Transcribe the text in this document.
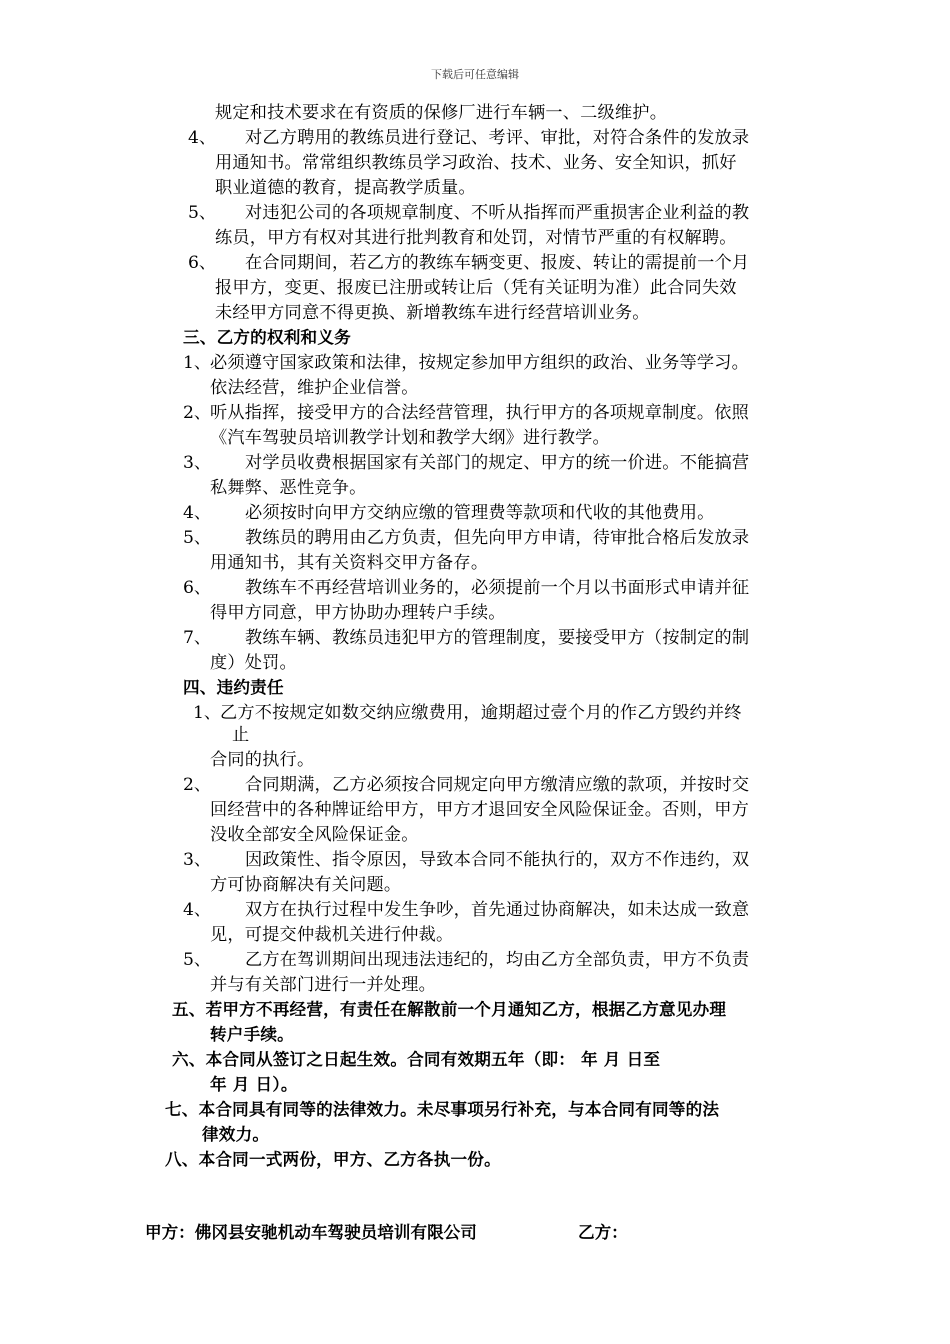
下载后可任意编辑
规定和技术要求在有资质的保修厂进行车辆一、二级维护。
4、 对乙方聘用的教练员进行登记、考评、审批，对符合条件的发放录
用通知书。常常组织教练员学习政治、技术、业务、安全知识，抓好
职业道德的教育，提高教学质量。
5、 对违犯公司的各项规章制度、不听从指挥而严重损害企业利益的教
练员，甲方有权对其进行批判教育和处罚，对情节严重的有权解聘。
6、 在合同期间，若乙方的教练车辆变更、报废、转让的需提前一个月
报甲方，变更、报废已注册或转让后（凭有关证明为准）此合同失效
未经甲方同意不得更换、新增教练车进行经营培训业务。
三、乙方的权利和义务
1、
必须遵守国家政策和法律，按规定参加甲方组织的政治、业务等学习。
依法经营，维护企业信誉。
2、
听从指挥，接受甲方的合法经营管理，执行甲方的各项规章制度。依照
《汽车驾驶员培训教学计划和教学大纲》进行教学。
3、 对学员收费根据国家有关部门的规定、甲方的统一价进。不能搞营
私舞弊、恶性竞争。
4、 必须按时向甲方交纳应缴的管理费等款项和代收的其他费用。
5、 教练员的聘用由乙方负责，但先向甲方申请，待审批合格后发放录
用通知书，其有关资料交甲方备存。
6、 教练车不再经营培训业务的，必须提前一个月以书面形式申请并征
得甲方同意，甲方协助办理转户手续。
7、 教练车辆、教练员违犯甲方的管理制度，要接受甲方（按制定的制
度）处罚。
四、违约责任
1、
乙方不按规定如数交纳应缴费用，逾期超过壹个月的作乙方毁约并终
止
合同的执行。
2、 合同期满，乙方必须按合同规定向甲方缴清应缴的款项，并按时交
回经营中的各种牌证给甲方，甲方才退回安全风险保证金。否则，甲方
没收全部安全风险保证金。
3、 因政策性、指令原因，导致本合同不能执行的，双方不作违约，双
方可协商解决有关问题。
4、 双方在执行过程中发生争吵，首先通过协商解决，如未达成一致意
见，可提交仲裁机关进行仲裁。
5、 乙方在驾训期间出现违法违纪的，均由乙方全部负责，甲方不负责
并与有关部门进行一并处理。
五、若甲方不再经营，有责任在解散前一个月通知乙方，根据乙方意见办理
转户手续。
六、本合同从签订之日起生效。合同有效期五年（即： 年 月 日至
年 月 日）。
七、本合同具有同等的法律效力。未尽事项另行补充，与本合同有同等的法
律效力。
八、本合同一式两份，甲方、乙方各执一份。
甲方：佛冈县安驰机动车驾驶员培训有限公司	乙方：
